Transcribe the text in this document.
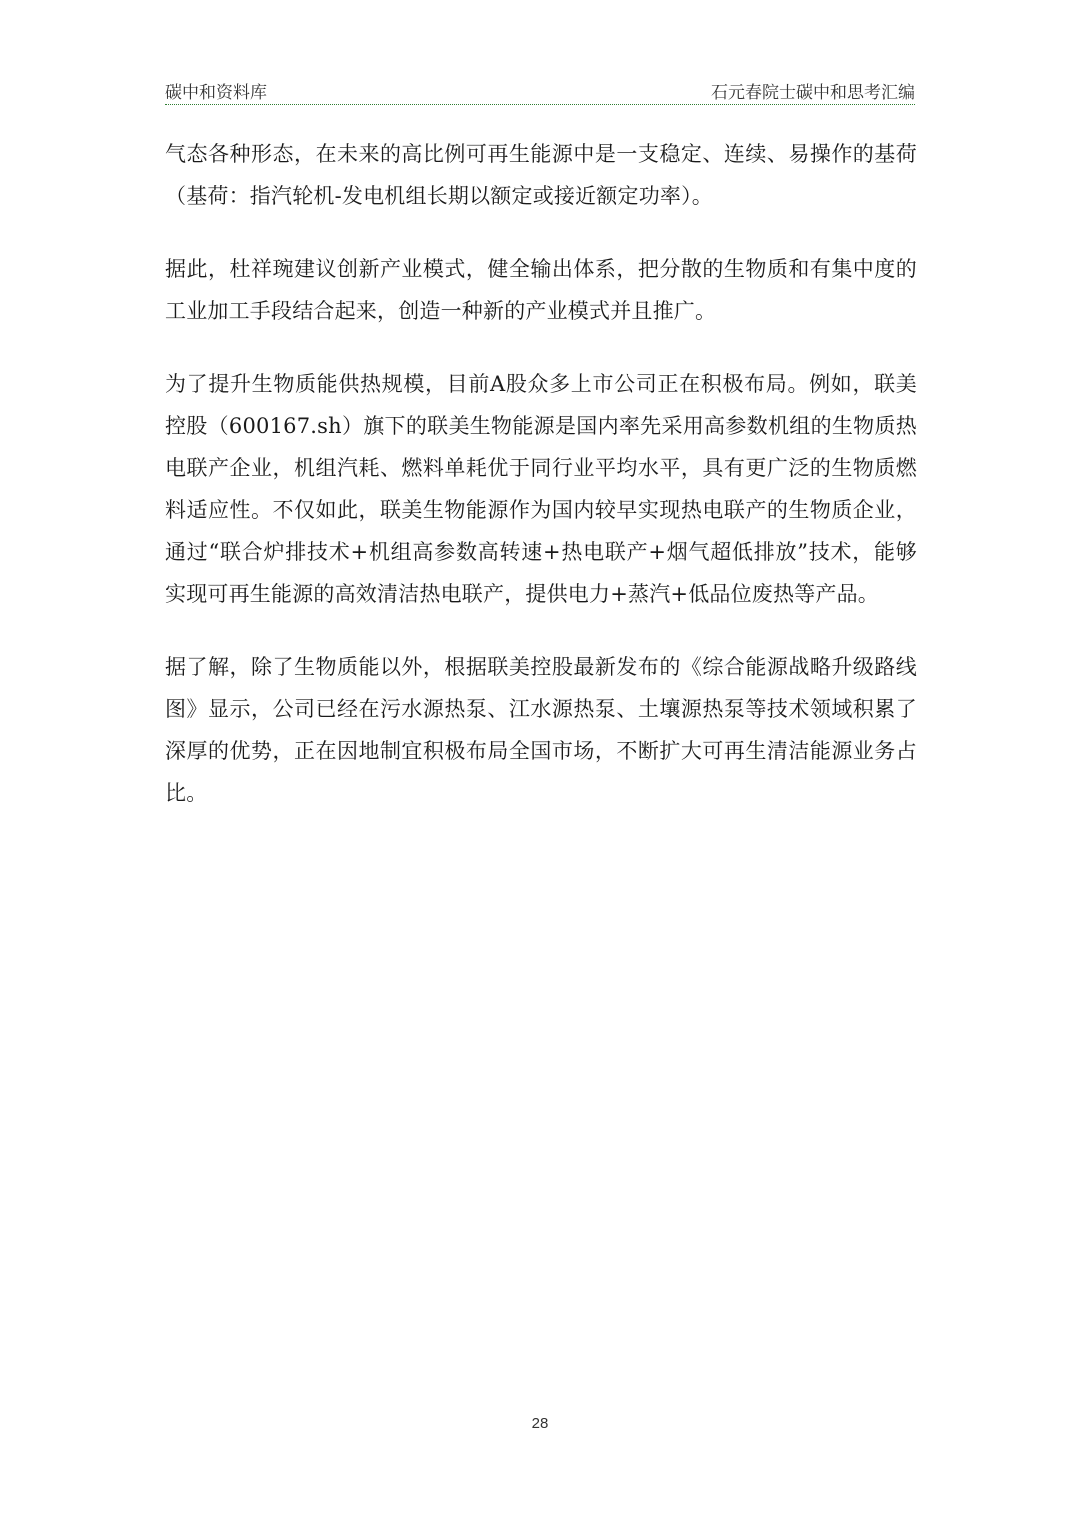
碳中和资料库	石元春院士碳中和思考汇编

气态各种形态，在未来的高比例可再生能源中是一支稳定、连续、易操作的基荷（基荷：指汽轮机-发电机组长期以额定或接近额定功率）。

据此，杜祥琬建议创新产业模式，健全输出体系，把分散的生物质和有集中度的工业加工手段结合起来，创造一种新的产业模式并且推广。

为了提升生物质能供热规模，目前A股众多上市公司正在积极布局。例如，联美控股（600167.sh）旗下的联美生物能源是国内率先采用高参数机组的生物质热电联产企业，机组汽耗、燃料单耗优于同行业平均水平，具有更广泛的生物质燃料适应性。不仅如此，联美生物能源作为国内较早实现热电联产的生物质企业，通过“联合炉排技术+机组高参数高转速+热电联产+烟气超低排放”技术，能够实现可再生能源的高效清洁热电联产，提供电力+蒸汽+低品位废热等产品。

据了解，除了生物质能以外，根据联美控股最新发布的《综合能源战略升级路线图》显示，公司已经在污水源热泵、江水源热泵、土壤源热泵等技术领域积累了深厚的优势，正在因地制宜积极布局全国市场，不断扩大可再生清洁能源业务占比。

28
